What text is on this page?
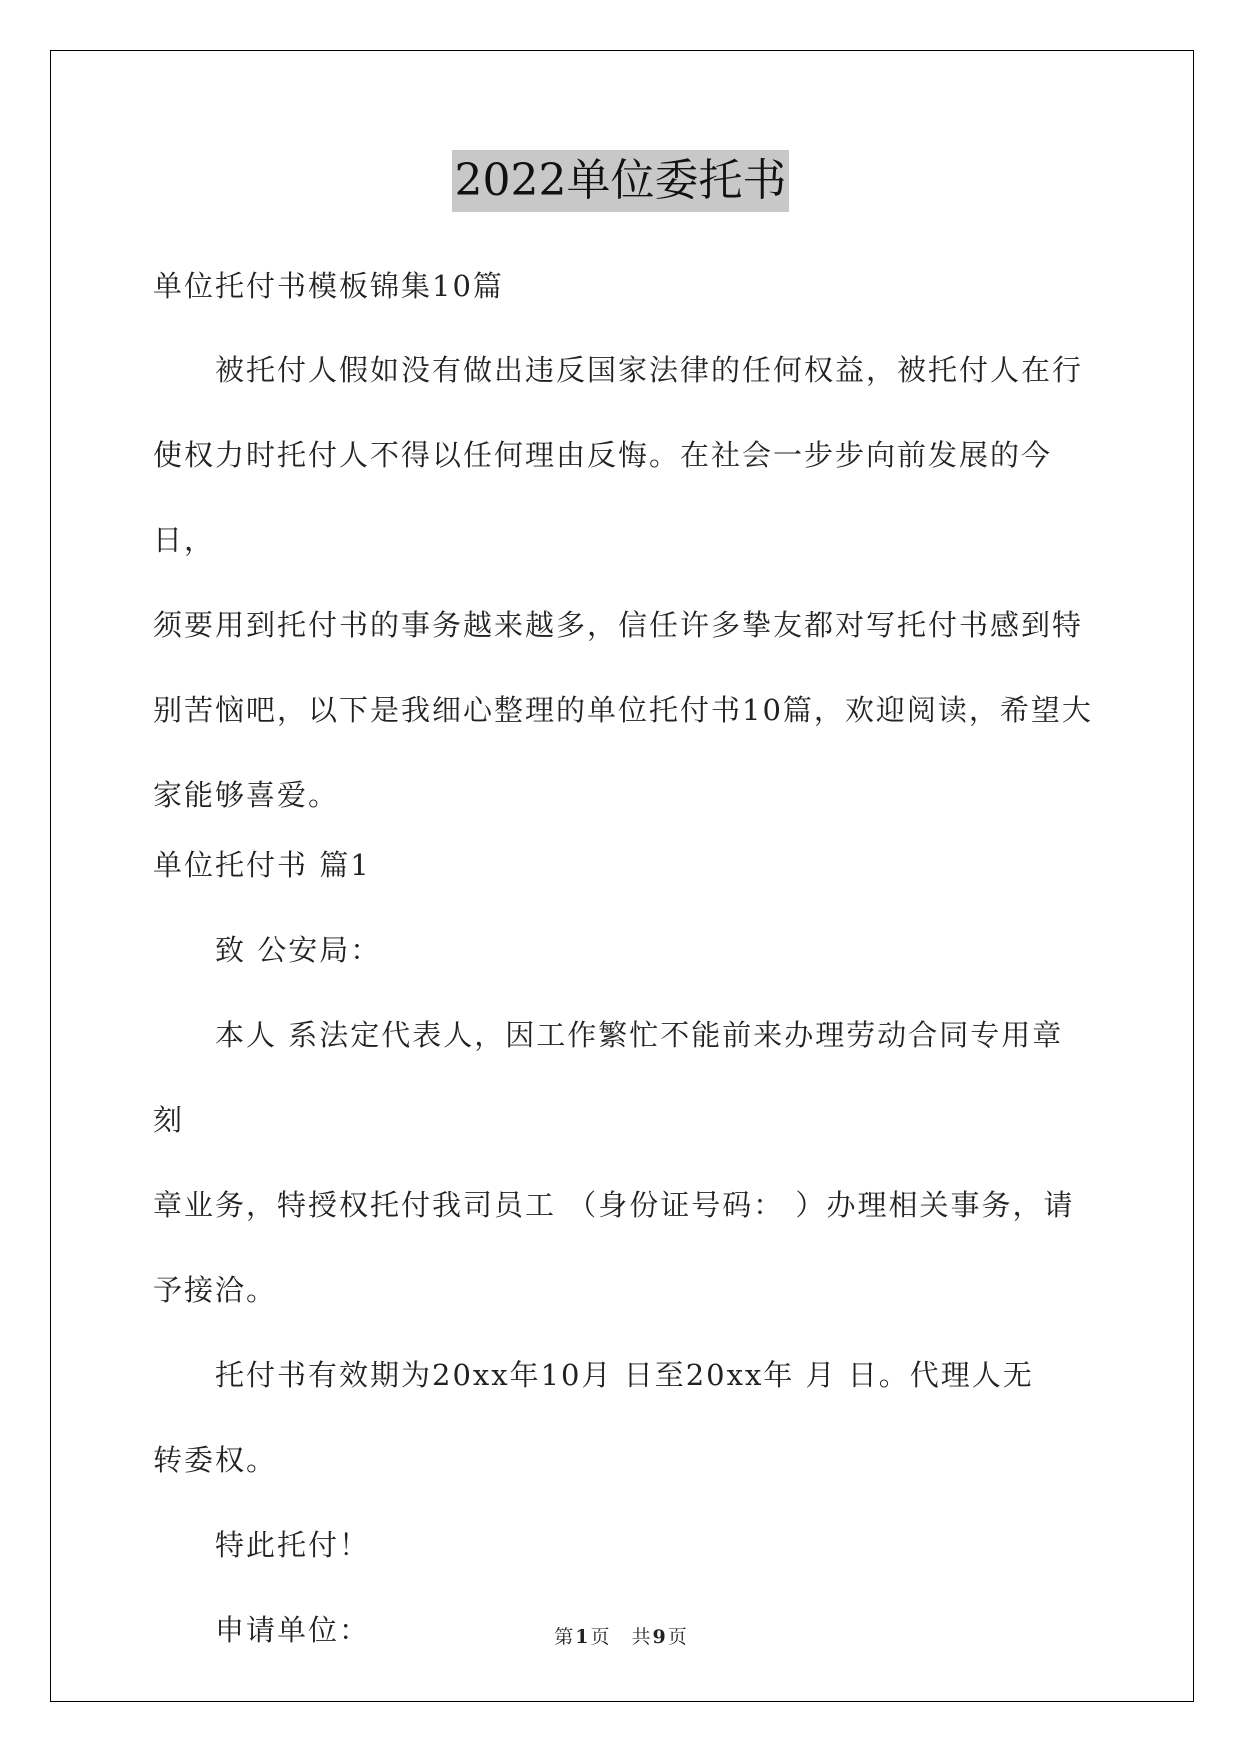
2022单位委托书

单位托付书模板锦集10篇

被托付人假如没有做出违反国家法律的任何权益，被托付人在行

使权力时托付人不得以任何理由反悔。在社会一步步向前发展的今日，

须要用到托付书的事务越来越多，信任许多挚友都对写托付书感到特

别苦恼吧，以下是我细心整理的单位托付书10篇，欢迎阅读，希望大

家能够喜爱。

单位托付书 篇1

致 公安局：

本人 系法定代表人，因工作繁忙不能前来办理劳动合同专用章刻

章业务，特授权托付我司员工 （身份证号码： ）办理相关事务，请

予接洽。

托付书有效期为20xx年10月 日至20xx年 月 日。代理人无

转委权。

特此托付！

申请单位：	第 1 页 共 9 页
